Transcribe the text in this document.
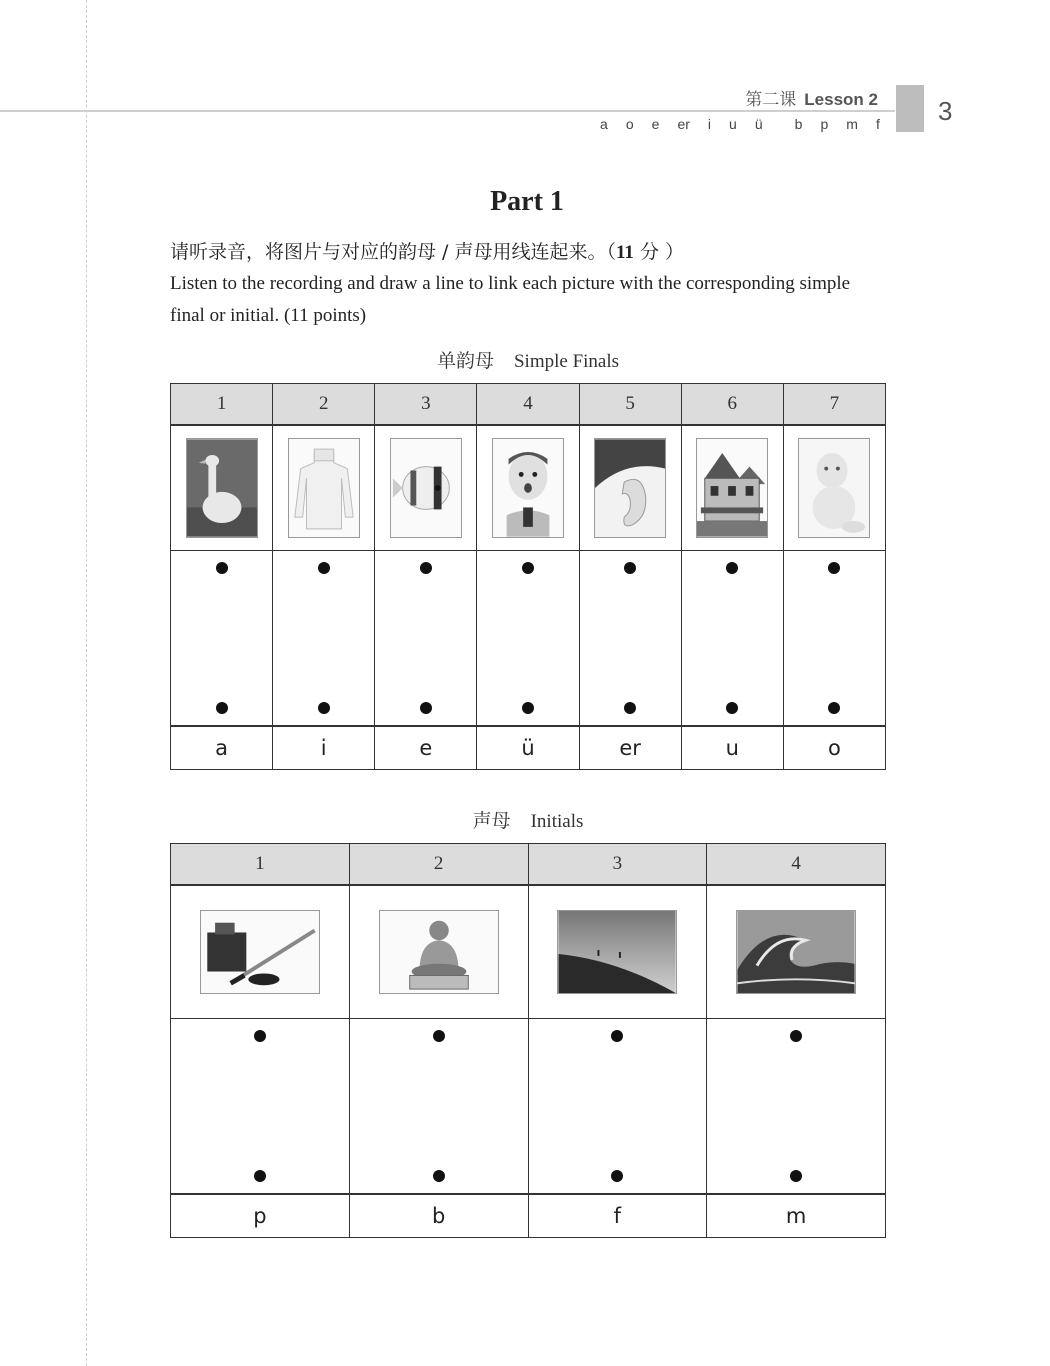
第二课 Lesson 2
a o e er i u ü b p m f 3
Part 1
请听录音，将图片与对应的韵母 / 声母用线连起来。（11 分 ）
Listen to the recording and draw a line to link each picture with the corresponding simple final or initial. (11 points)
单韵母 Simple Finals
1	2	3	4	5	6	7
a	i	e	ü	er	u	o
声母 Initials
1	2	3	4
p	b	f	m
